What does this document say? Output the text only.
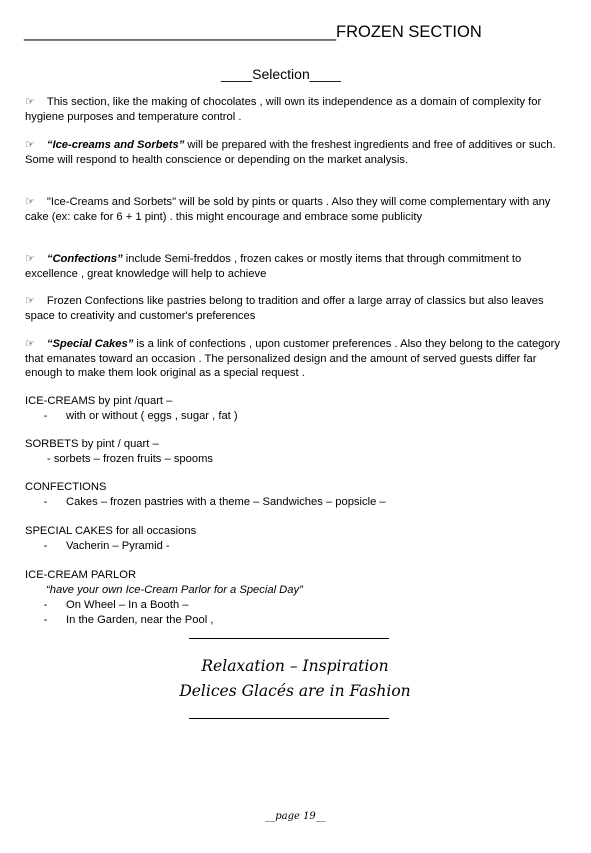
__________________________________FROZEN SECTION
____Selection____
☞ This section, like the making of chocolates , will own its independence as a domain of complexity for hygiene purposes and temperature control .
☞ “Ice-creams and Sorbets” will be prepared with the freshest ingredients and free of additives or such. Some will respond to health conscience or depending on the market analysis.
☞ "Ice-Creams and Sorbets" will be sold by pints or quarts . Also they will come complementary with any cake (ex: cake for 6 + 1 pint) . this might encourage and embrace some publicity
☞ “Confections” include Semi-freddos , frozen cakes or mostly items that through commitment to excellence , great knowledge will help to achieve
☞ Frozen Confections like pastries belong to tradition and offer a large array of classics but also leaves space to creativity and customer's preferences
☞ “Special Cakes” is a link of confections , upon customer preferences . Also they belong to the category that emanates toward an occasion . The personalized design and the amount of served guests differ far enough to make them look original as a special request .
ICE-CREAMS by pint /quart –
- with or without ( eggs , sugar , fat )
SORBETS by pint / quart –
- sorbets – frozen fruits – spooms
CONFECTIONS
- Cakes – frozen pastries with a theme – Sandwiches – popsicle –
SPECIAL CAKES for all occasions
- Vacherin – Pyramid -
ICE-CREAM PARLOR
“have your own Ice-Cream Parlor for a Special Day”
- On Wheel – In a Booth –
- In the Garden, near the Pool ,
Relaxation – Inspiration
Delices Glacés are in Fashion
__page 19__
